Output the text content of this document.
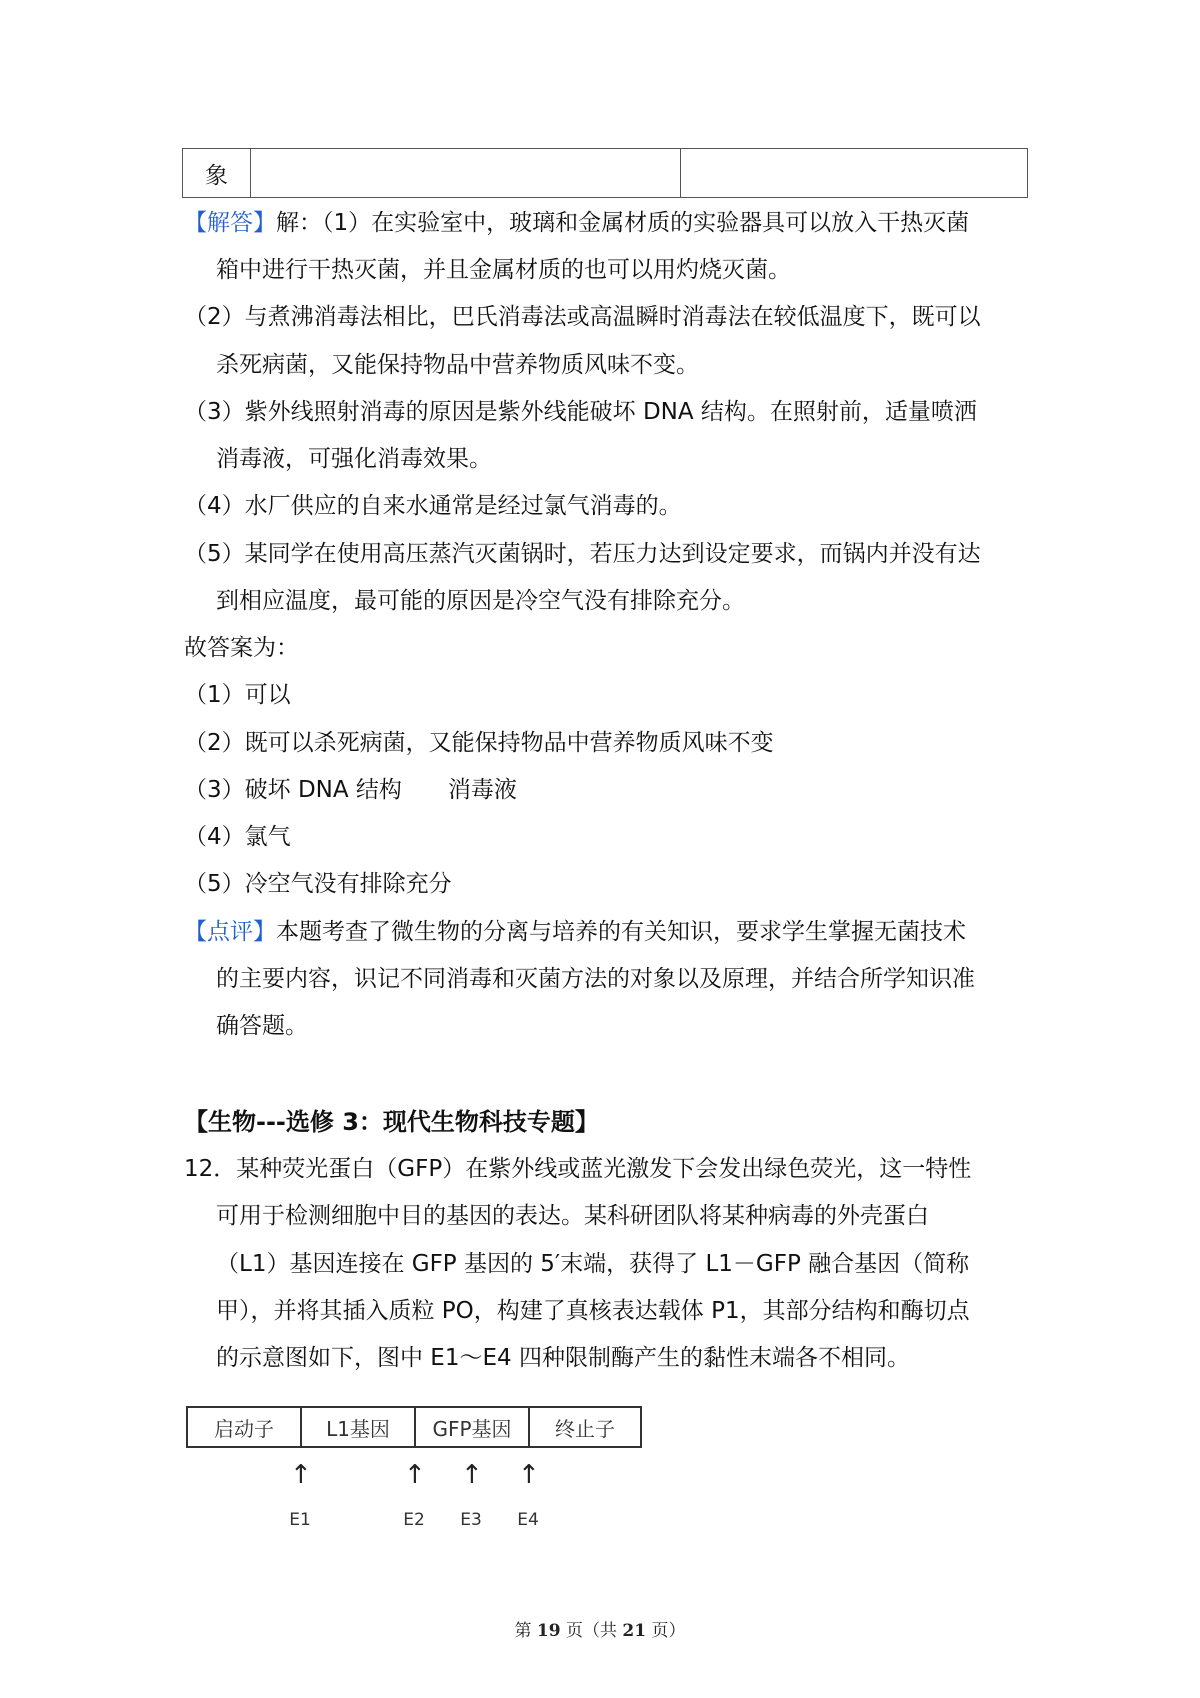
象
【解答】解：（1）在实验室中，玻璃和金属材质的实验器具可以放入干热灭菌
箱中进行干热灭菌，并且金属材质的也可以用灼烧灭菌。
（2）与煮沸消毒法相比，巴氏消毒法或高温瞬时消毒法在较低温度下，既可以
杀死病菌，又能保持物品中营养物质风味不变。
（3）紫外线照射消毒的原因是紫外线能破坏 DNA 结构。在照射前，适量喷洒
消毒液，可强化消毒效果。
（4）水厂供应的自来水通常是经过氯气消毒的。
（5）某同学在使用高压蒸汽灭菌锅时，若压力达到设定要求，而锅内并没有达
到相应温度，最可能的原因是冷空气没有排除充分。
故答案为：
（1）可以
（2）既可以杀死病菌，又能保持物品中营养物质风味不变
（3）破坏 DNA 结构　　消毒液
（4）氯气
（5）冷空气没有排除充分
【点评】本题考查了微生物的分离与培养的有关知识，要求学生掌握无菌技术
的主要内容，识记不同消毒和灭菌方法的对象以及原理，并结合所学知识准
确答题。
【生物---选修 3：现代生物科技专题】
12．某种荧光蛋白（GFP）在紫外线或蓝光激发下会发出绿色荧光，这一特性
可用于检测细胞中目的基因的表达。某科研团队将某种病毒的外壳蛋白
（L1）基因连接在 GFP 基因的 5′末端，获得了 L1－GFP 融合基因（简称
甲），并将其插入质粒 PO，构建了真核表达载体 P1，其部分结构和酶切点
的示意图如下，图中 E1～E4 四种限制酶产生的黏性末端各不相同。
启动子	L1基因	GFP基因	终止子
↑	↑ ↑ ↑
E1	E2	E3	E4
第 19 页（共 21 页）
